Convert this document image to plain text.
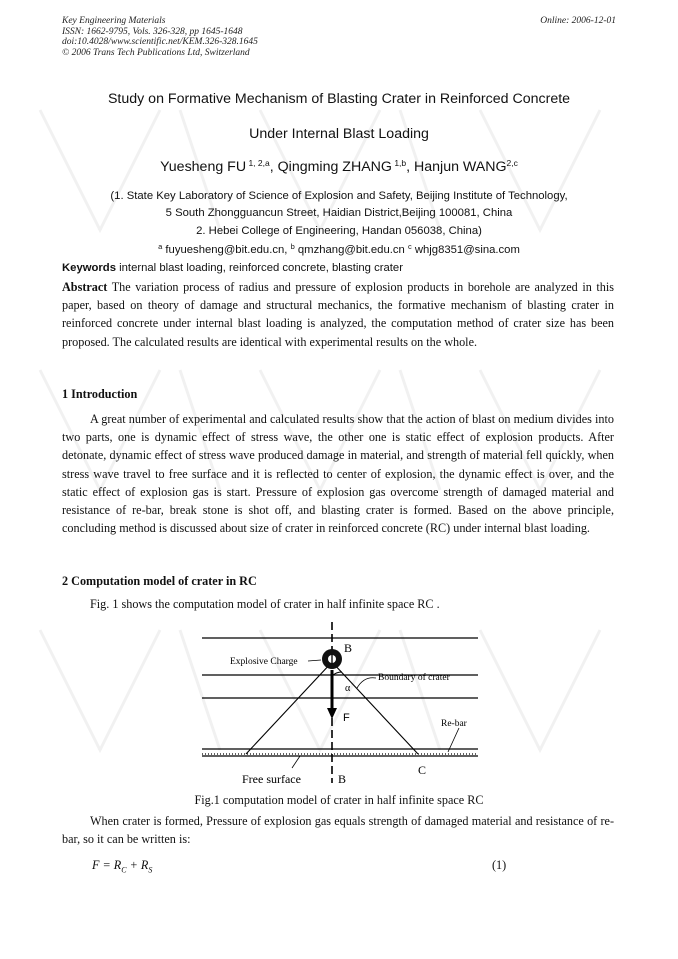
Key Engineering Materials
ISSN: 1662-9795, Vols. 326-328, pp 1645-1648
doi:10.4028/www.scientific.net/KEM.326-328.1645
© 2006 Trans Tech Publications Ltd, Switzerland
Online: 2006-12-01
Study on Formative Mechanism of Blasting Crater in Reinforced Concrete
Under Internal Blast Loading
Yuesheng FU $^{1, 2,a}$, Qingming ZHANG $^{1,b}$, Hanjun WANG$^{2,c}$
(1. State Key Laboratory of Science of Explosion and Safety, Beijing Institute of Technology,
5 South Zhongguancun Street, Haidian District,Beijing 100081, China
2. Hebei College of Engineering, Handan 056038, China)
$^a$ fuyuesheng@bit.edu.cn, $^b$ qmzhang@bit.edu.cn $^c$ whjg8351@sina.com
Keywords internal blast loading, reinforced concrete, blasting crater
Abstract The variation process of radius and pressure of explosion products in borehole are analyzed in this paper, based on theory of damage and structural mechanics, the formative mechanism of blasting crater in reinforced concrete under internal blast loading is analyzed, the computation method of crater size has been proposed. The calculated results are identical with experimental results on the whole.
1 Introduction

A great number of experimental and calculated results show that the action of blast on medium divides into two parts, one is dynamic effect of stress wave, the other one is static effect of explosion products. After detonate, dynamic effect of stress wave produced damage in material, and strength of material fell quickly, when stress wave travel to free surface and it is reflected to center of explosion, the dynamic effect is over, and the static effect of explosion gas is start. Pressure of explosion gas overcome strength of damaged material and resistance of re-bar, break stone is shot off, and blasting crater is formed. Based on the above principle, concluding method is discussed about size of crater in reinforced concrete (RC) under internal blast loading.

2 Computation model of crater in RC
Fig. 1 shows the computation model of crater in half infinite space RC .
Explosive Charge
B
Boundary of crater
α
F	Re-bar
C
Free surface	B
Fig.1 computation model of crater in half infinite space RC

When crater is formed, Pressure of explosion gas equals strength of damaged material and resistance of re-bar, so it can be written is:

$F = R_C + R_S$	(1)
